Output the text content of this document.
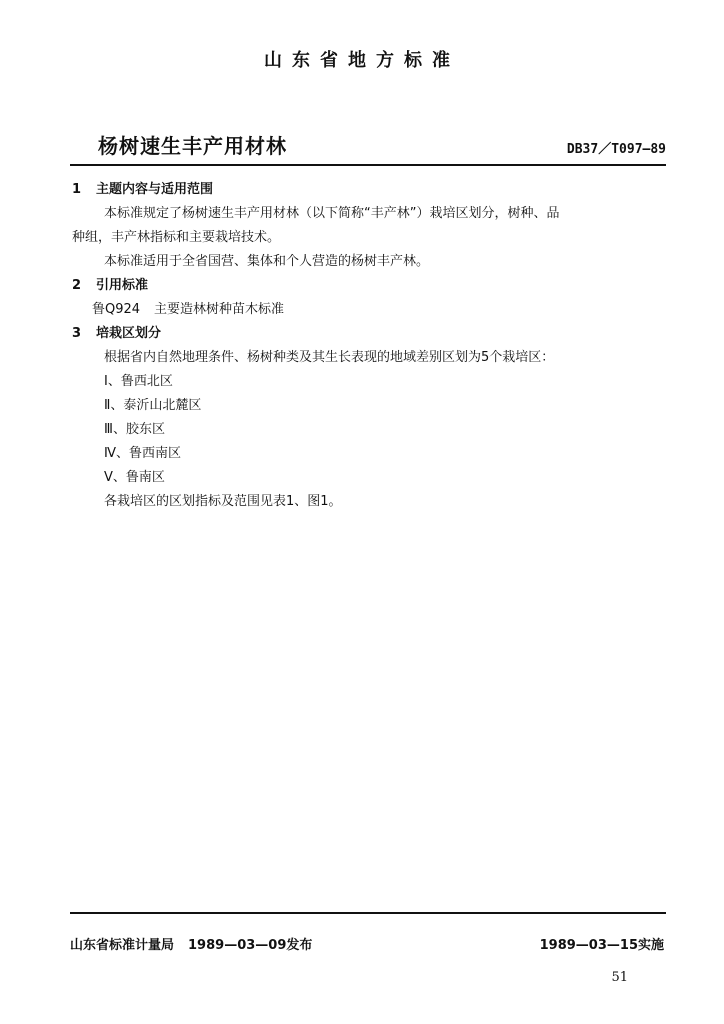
山东省地方标准
杨树速生丰产用材林	DB37／T097—89
1 主题内容与适用范围
本标准规定了杨树速生丰产用材林（以下简称“丰产林”）栽培区划分，树种、品
种组，丰产林指标和主要栽培技术。
本标准适用于全省国营、集体和个人营造的杨树丰产林。
2 引用标准
鲁Q924 主要造林树种苗木标准
3 培栽区划分
根据省内自然地理条件、杨树种类及其生长表现的地域差别区划为5个栽培区：
Ⅰ、鲁西北区
Ⅱ、泰沂山北麓区
Ⅲ、胶东区
Ⅳ、鲁西南区
Ⅴ、鲁南区
各栽培区的区划指标及范围见表1、图1。
山东省标准计量局 1989—03—09发布	1989—03—15实施
51
